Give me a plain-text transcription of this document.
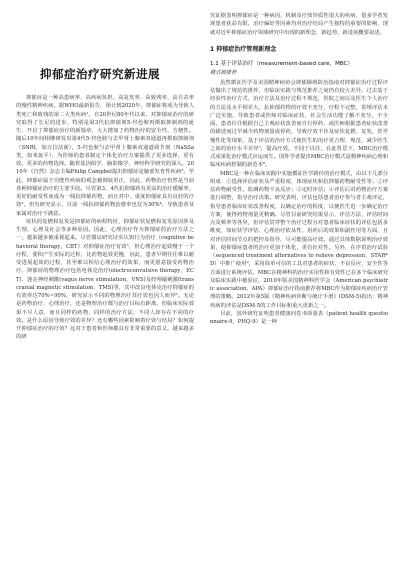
抑郁症治疗研究新进展

抑郁症是一种高患病率、高疾病负担、高复发率、高致残率、高自杀率的慢性精神疾病。据WHO最新报告，预计到2020年，抑郁症将成为导致人类死亡和致残的第二大类疾病¹。自20世纪80年代以来，对抑郁症治疗的研究取得了长足的进步，特别是第3代抗抑郁剂5-羟色胺再摄取抑制剂的诞生，开启了抑郁症治疗的新篇章，大大增加了药物治疗的安全性，方便性。随后10年间相继研发出第4代5-羟色胺与去甲肾上腺素双通道再摄取抑制剂（SNRI，如万拉法新），5-羟色胺与去甲肾上腺素双通道调节剂（NaSSa类，如米氮平），为医师的患者制定个体化治疗方案提供了更多选择，更有效，更多的药物选择。随着基因组学、脑影像学、神经科学研究的深入，2010年《自然》杂志主编Philip Campbel提出抑郁症是脑部发育性疾病²。至此，抑郁症属于功能性疾病的观念被彻底更正，因此，药物治疗仍然是当前各种抑郁症治疗的主要手段。尽管第3、4代抗抑郁药有更高的治疗缓解率，更好的耐受性而成为一线抗抑郁药物，而且对中、重度抑郁症具有良好的疗效³。但有研究显示，目前一线抗抑郁药物治愈率也仅为30%⁴。导致患者及家属对治疗不满意。

症状的复燃和复发是抑郁症的病程特征，抑郁症状复燃和复发原因涉及生理、心理及社会等多种原因。因此，心理治疗作为抑郁症的治疗方法之一，越来越多被重视起来。尽管循证研究证实认知行为治疗（cognitive behavioral therapy，CBT）对抑郁症治疗有效⁵，但心理治疗起效慢于一个疗程，要积产生实际的过程，比药物起效更慢，因此，患者早期往往难以耐受进展起效的过程，甚至难以相信心理治疗的效果，而更愿意接受药物治疗。抑郁症的物理治疗包括电休克治疗(electroconvulsive therapy，ECT)、迷走神经刺激(vagus nerve stimulation，VNS)及经颅磁刺激(transcranial magnetic stimulation，TMS)等，其中改良电休克治疗抑郁症的有效率达70%~90%，研究显示不同的物理治疗其疗效也因人而异⁶。无论是药物治疗、心理治疗，还是物理治疗都与治疗目标有距离，但临床实际效果不尽人意，而且同样的药物，同样的治疗方法，不同人却存在不同的疗效。是什么原因导致疗效的差异？还有哪些因素影响着疗效与结局？如何提升抑郁症治疗的疗效？这对于患者和医师都具有非常重要的意义。越来越多的研

究证据表明抑郁症是一种病因、机制及疗效异质性很大的疾病，很多学者发现患者获益有限，治疗偏好等因素均对治疗结局产生独特的重要的影响，现就对近年抑郁症治疗领域研究中出现的新理念，新趋势，新进展概要叙述。

1 抑郁症治疗管理新理念
1.1 基于评估治疗（measurement-based care，MBC）
模式被推荐

虽然循证医学及美国精神病协会抑郁障碍防治指南对抑郁症治疗过程评估做出了规范的推荐，但临床实践与规范推荐之间仍有较大差异。过去基于经验性治疗方式，治疗方法及治疗过程不规范，医院之间以及医生个人治疗的方法及水平相差大，抗抑郁药物的疗效不充分，疗程不完整，常规评估未广泛实施，导致患者或医师对临床症状、社会生活功能了解不充分，不全面，患者往往根据自己主观症状改善而自行停药，或医师根据患者症状改善的描述而过早减少药物剂量或停药，导致疗效不佳及症状复燃、复发，甚至慢性化等现象，基于评估的治疗方式使医生的治疗更合理、规范，减少医生之间的治疗水平差异⁷，提高疗效。不同于以往，在此背景下，MBC治疗模式成果化治疗模式应运而生。国外学者提出MBC治疗模式是精神疾病心理和临床疾病控制的新范本⁸。

MBC是一种在临床实践中实施循证医学路径的治疗模式，由以下几部分组成：①选择评估症状及严重程度，体现症状和抗抑郁药物耐受性等；②评估药物耐受性，监测药物不良反应；③定时评估；④评估后对药物治疗方案进行调整，指导治疗决策。研究表明，评估包括患者治疗参与者主观评定，指导患者临床症状改善程度，以确定治疗的程度，以便医生进一步确定治疗方案，使得药物剂量更精确。尽管目前研究结果显示，评估方法、评估时间点及频率等各异，但评估贯穿整个治疗过程且对患者临床症状的评估包括多维度，如症状学评估、心理治疗依从性、用药后的效果和副作用等方面，且对评估时间节点的把控及指导，尽可能提高疗效。通过具体数据说明治疗效果，使抑郁症患者的治疗更加个体化，更有针对性。另外，在序贯治疗试验（sequenced treatment alternatives to relieve depression，STAR*D）中推广使用⁹，采用简单可信的工具对患者的症状，不良反应，安全性等方面进行系统评估。MBC在精神科的治疗实用性和有效性已在多个临床研究及临床实践中被验证，2010年版美国精神科医学会（American psychiatric association，APA）抑郁症治疗指南推荐将MBC作为抑郁症疾病治疗管理的策略。2012年第5版《精神疾病诊断与统计手册》(DSM-5)指出：精神疾病的评估是DSM-5的工作目标和重大更新之一。

目前，国外研究证明患者健康问卷-9项量表（patient health questionnaire-9，PHQ-9）是一种
